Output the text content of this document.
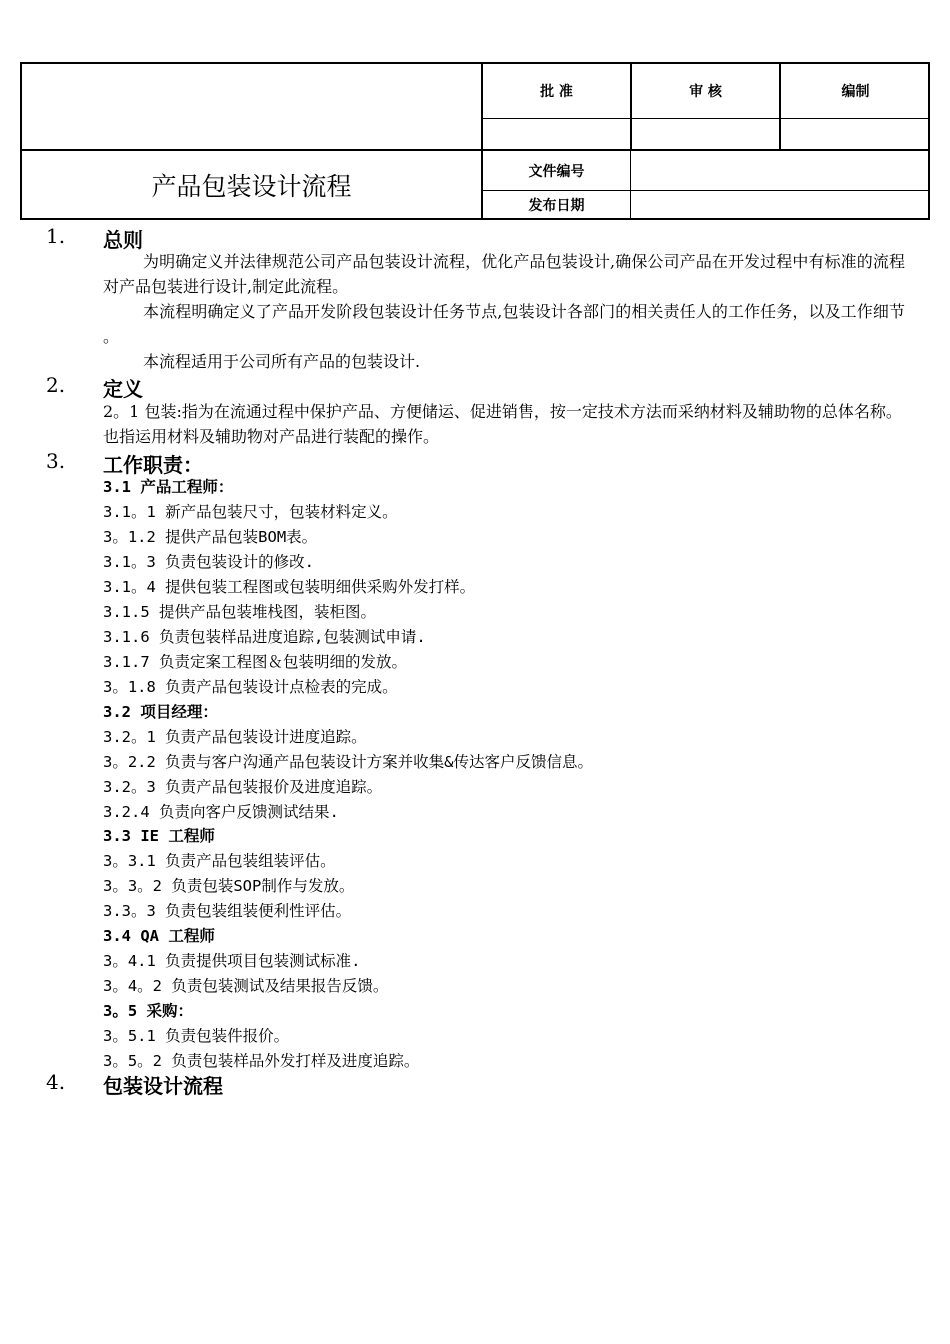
批 准	审 核	编制
产品包装设计流程	文件编号
发布日期
1. 总则
为明确定义并法律规范公司产品包装设计流程，优化产品包装设计,确保公司产品在开发过程中有标准的流程对产品包装进行设计,制定此流程。
本流程明确定义了产品开发阶段包装设计任务节点,包装设计各部门的相关责任人的工作任务，以及工作细节 。
本流程适用于公司所有产品的包装设计.
2. 定义
2。1 包装:指为在流通过程中保护产品、方便储运、促进销售，按一定技术方法而采纳材料及辅助物的总体名称。也指运用材料及辅助物对产品进行装配的操作。
3. 工作职责：
3.1 产品工程师：
3.1。1 新产品包装尺寸，包装材料定义。
3。1.2 提供产品包装BOM表。
3.1。3 负责包装设计的修改.
3.1。4 提供包装工程图或包装明细供采购外发打样。
3.1.5 提供产品包装堆栈图，装柜图。
3.1.6 负责包装样品进度追踪,包装测试申请.
3.1.7 负责定案工程图＆包装明细的发放。
3。1.8 负责产品包装设计点检表的完成。
3.2 项目经理：
3.2。1 负责产品包装设计进度追踪。
3。2.2 负责与客户沟通产品包装设计方案并收集&传达客户反馈信息。
3.2。3 负责产品包装报价及进度追踪。
3.2.4 负责向客户反馈测试结果.
3.3 IE 工程师
3。3.1 负责产品包装组装评估。
3。3。2 负责包装SOP制作与发放。
3.3。3 负责包装组装便利性评估。
3.4 QA 工程师
3。4.1 负责提供项目包装测试标准.
3。4。2 负责包装测试及结果报告反馈。
3。5 采购：
3。5.1 负责包装件报价。
3。5。2 负责包装样品外发打样及进度追踪。
4. 包装设计流程
